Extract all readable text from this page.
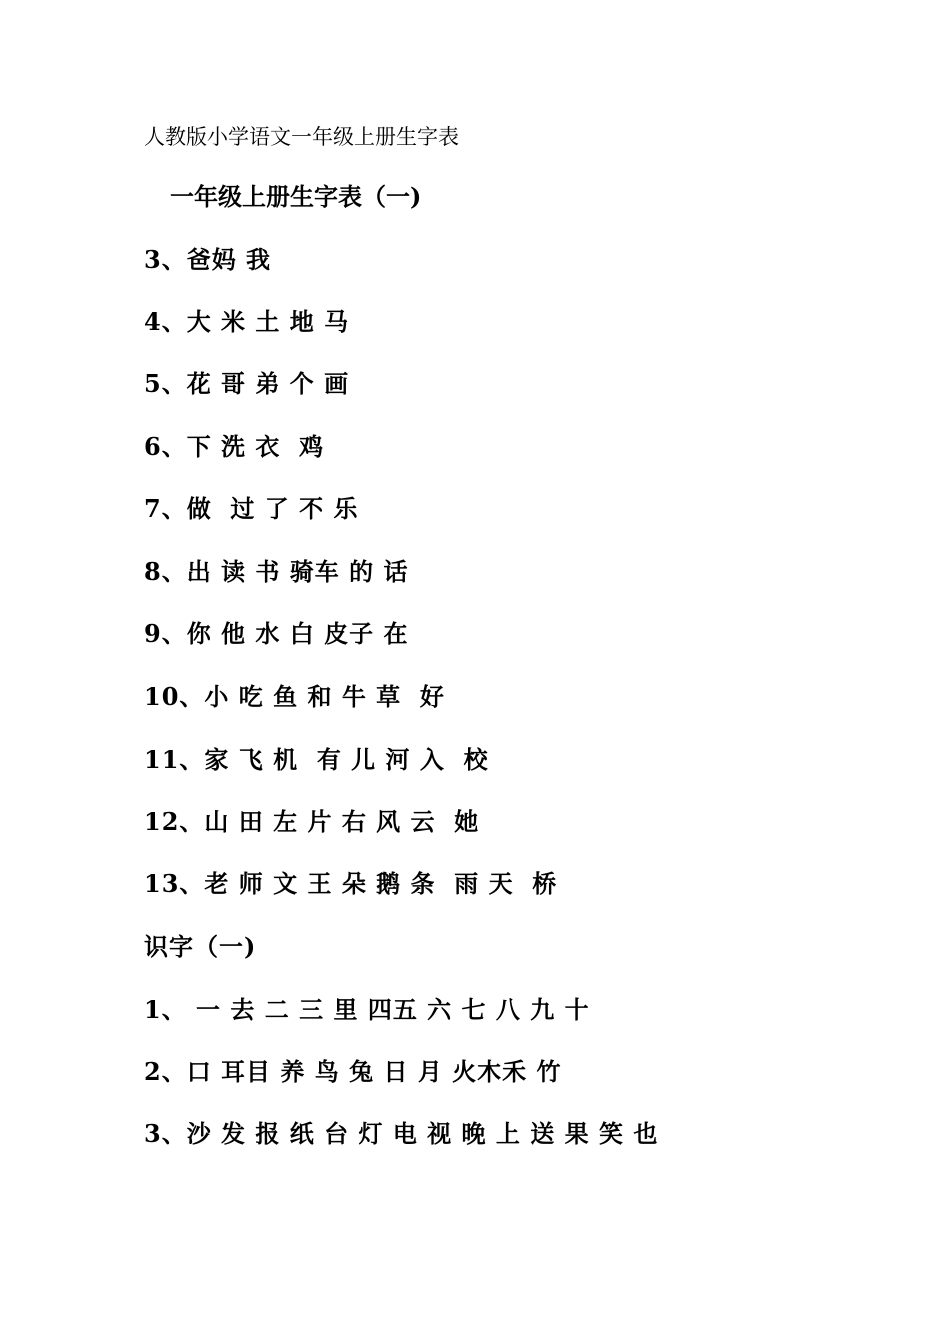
人教版小学语文一年级上册生字表
一年级上册生字表（一)
3、爸妈 我
4、大 米 土 地 马
5、花 哥 弟 个 画
6、下 洗 衣  鸡
7、做  过 了 不 乐
8、出 读 书 骑车 的 话
9、你 他 水 白 皮子 在
10、小 吃 鱼 和 牛 草  好
11、家 飞 机  有 儿 河 入  校
12、山 田 左 片 右 风 云  她
13、老 师 文 王 朵 鹅 条  雨 天  桥
识字（一)
1、 一 去 二 三 里 四五 六 七 八 九 十
2、口 耳目 养 鸟 兔 日 月 火木禾 竹
3、沙 发 报 纸 台 灯 电 视 晚 上 送 果 笑 也
